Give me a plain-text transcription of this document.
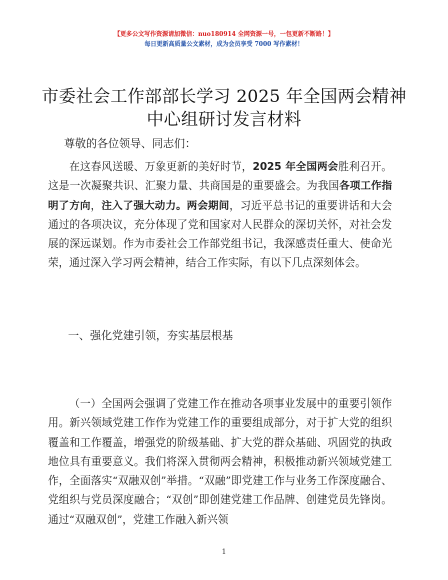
【更多公文写作资源请加微信：nuo180914 全网资源一号，一包更新不断路！】
每日更新高质量公文素材，成为会员享受 7000 写作素材！
市委社会工作部部长学习 2025 年全国两会精神
中心组研讨发言材料
尊敬的各位领导、同志们：
在这春风送暖、万象更新的美好时节，2025 年全国两会胜利召开。这是一次凝聚共识、汇聚力量、共商国是的重要盛会。为我国各项工作指明了方向，注入了强大动力。两会期间，习近平总书记的重要讲话和大会通过的各项决议，充分体现了党和国家对人民群众的深切关怀，对社会发展的深远谋划。作为市委社会工作部党组书记，我深感责任重大、使命光荣，通过深入学习两会精神，结合工作实际，有以下几点深刻体会。
一、强化党建引领，夯实基层根基
（一）全国两会强调了党建工作在推动各项事业发展中的重要引领作用。新兴领域党建工作作为党建工作的重要组成部分，对于扩大党的组织覆盖和工作覆盖，增强党的阶级基础、扩大党的群众基础、巩固党的执政地位具有重要意义。我们将深入贯彻两会精神，积极推动新兴领域党建工作，全面落实“双融双创”举措。“双融”即党建工作与业务工作深度融合、党组织与党员深度融合；“双创”即创建党建工作品牌、创建党员先锋岗。通过“双融双创”，党建工作融入新兴领
1
